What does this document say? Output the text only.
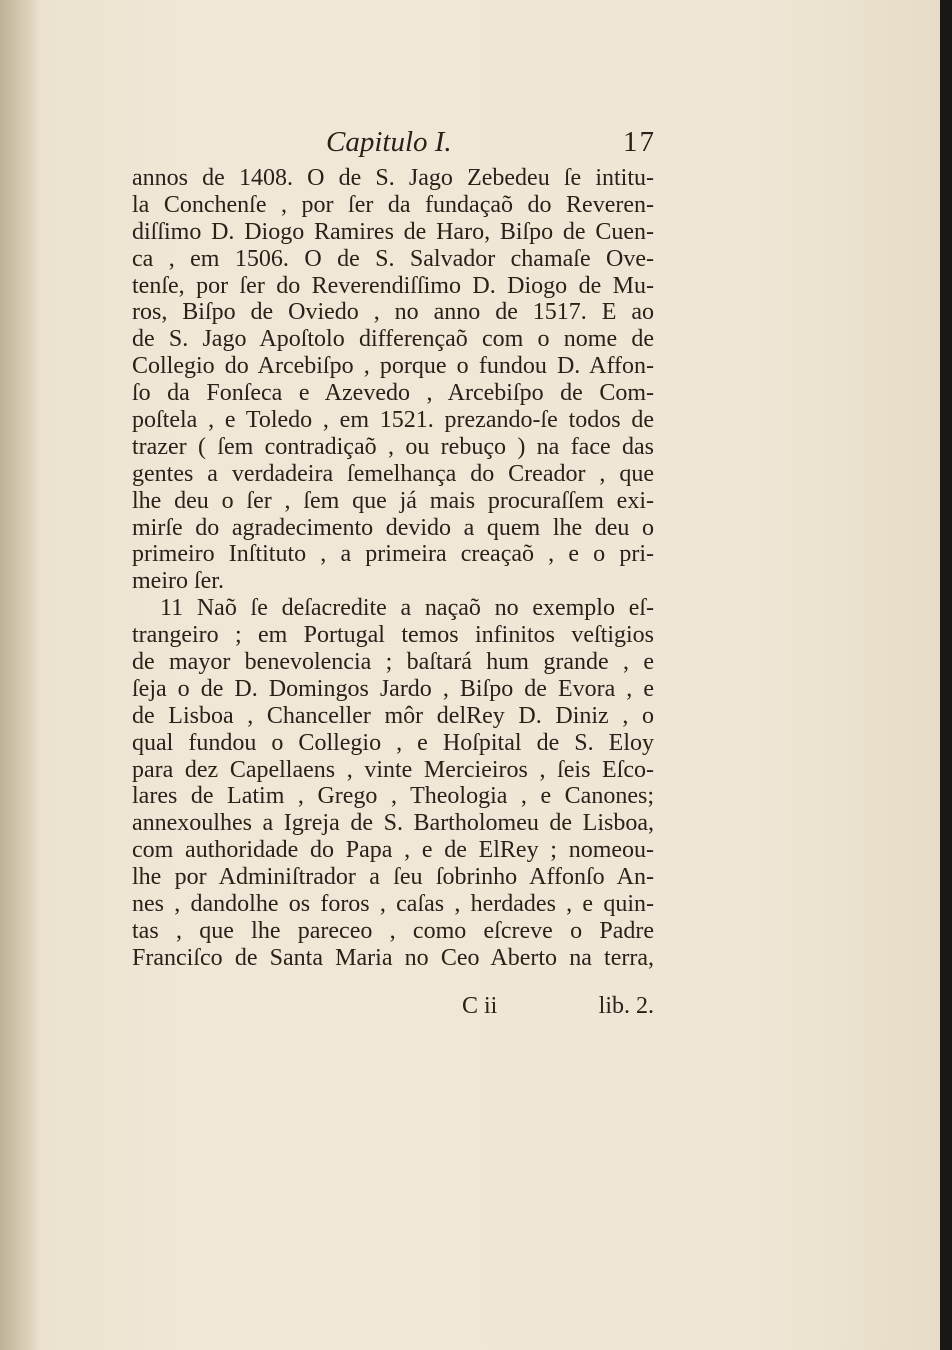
Capitulo I.	17
annos de 1408. O de S. Jago Zebedeu ſe intitu-
la Conchenſe , por ſer da fundaçaõ do Reveren-
diſſimo D. Diogo Ramires de Haro, Biſpo de Cuen-
ca , em 1506. O de S. Salvador chamaſe Ove-
tenſe, por ſer do Reverendiſſimo D. Diogo de Mu-
ros, Biſpo de Oviedo , no anno de 1517. E ao
de S. Jago Apoſtolo differençaõ com o nome de
Collegio do Arcebiſpo , porque o fundou D. Affon-
ſo da Fonſeca e Azevedo , Arcebiſpo de Com-
poſtela , e Toledo , em 1521. prezando-ſe todos de
trazer ( ſem contradiçaõ , ou rebuço ) na face das
gentes a verdadeira ſemelhança do Creador , que
lhe deu o ſer , ſem que já mais procuraſſem exi-
mirſe do agradecimento devido a quem lhe deu o
primeiro Inſtituto , a primeira creaçaõ , e o pri-
meiro ſer.
11 Naõ ſe deſacredite a naçaõ no exemplo eſ-
trangeiro ; em Portugal temos infinitos veſtigios
de mayor benevolencia ; baſtará hum grande , e
ſeja o de D. Domingos Jardo , Biſpo de Evora , e
de Lisboa , Chanceller môr delRey D. Diniz , o
qual fundou o Collegio , e Hoſpital de S. Eloy
para dez Capellaens , vinte Mercieiros , ſeis Eſco-
lares de Latim , Grego , Theologia , e Canones;
annexoulhes a Igreja de S. Bartholomeu de Lisboa,
com authoridade do Papa , e de ElRey ; nomeou-
lhe por Adminiſtrador a ſeu ſobrinho Affonſo An-
nes , dandolhe os foros , caſas , herdades , e quin-
tas , que lhe pareceo , como eſcreve o Padre
Franciſco de Santa Maria no Ceo Aberto na terra,
C ii	lib. 2.
